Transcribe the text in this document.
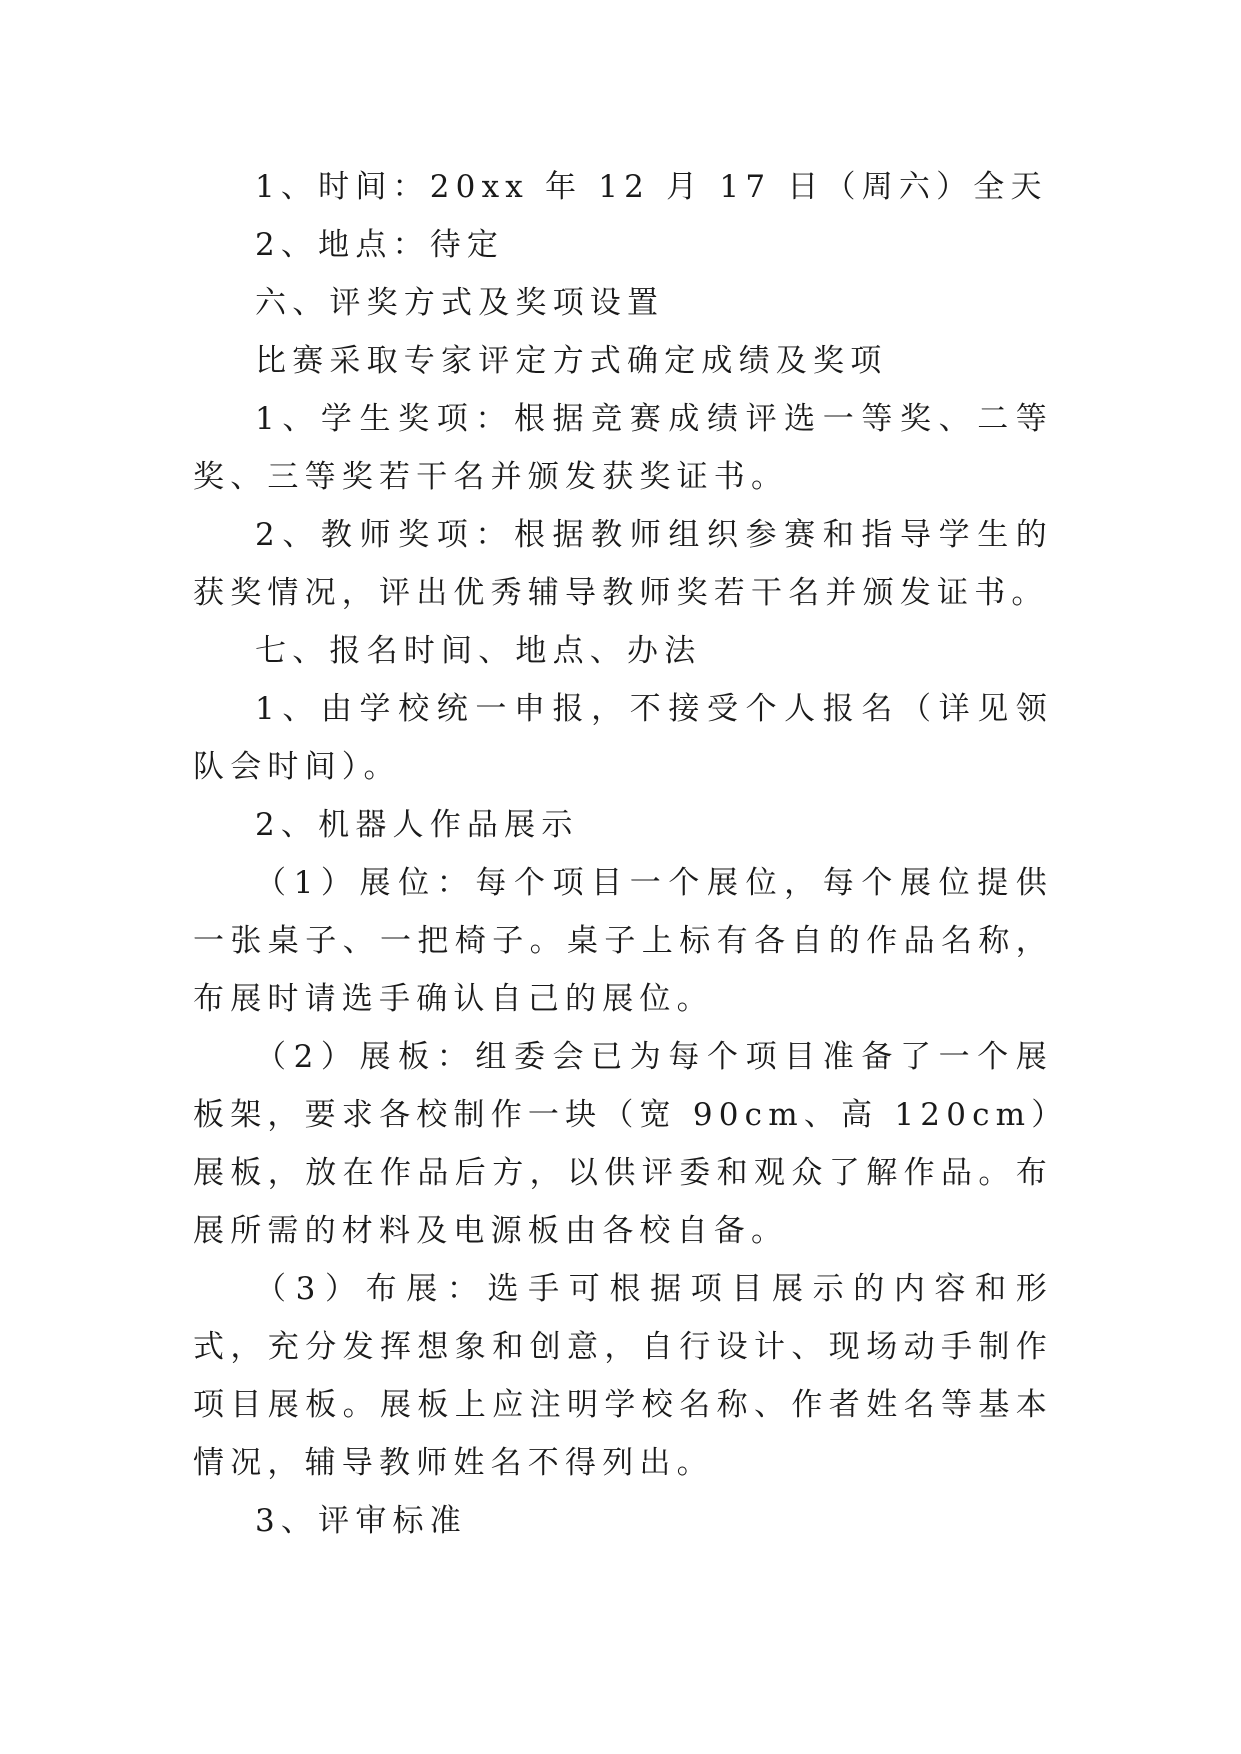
1、时间：20xx 年 12 月 17 日（周六）全天

2、地点：待定

六、评奖方式及奖项设置

比赛采取专家评定方式确定成绩及奖项

1、学生奖项：根据竞赛成绩评选一等奖、二等奖、三等奖若干名并颁发获奖证书。

2、教师奖项：根据教师组织参赛和指导学生的获奖情况，评出优秀辅导教师奖若干名并颁发证书。

七、报名时间、地点、办法

1、由学校统一申报，不接受个人报名（详见领队会时间）。

2、机器人作品展示

（1）展位：每个项目一个展位，每个展位提供一张桌子、一把椅子。桌子上标有各自的作品名称，布展时请选手确认自己的展位。

（2）展板：组委会已为每个项目准备了一个展板架，要求各校制作一块（宽 90cm、高 120cm）展板，放在作品后方，以供评委和观众了解作品。布展所需的材料及电源板由各校自备。

（3）布展：选手可根据项目展示的内容和形式，充分发挥想象和创意，自行设计、现场动手制作项目展板。展板上应注明学校名称、作者姓名等基本情况，辅导教师姓名不得列出。

3、评审标准
